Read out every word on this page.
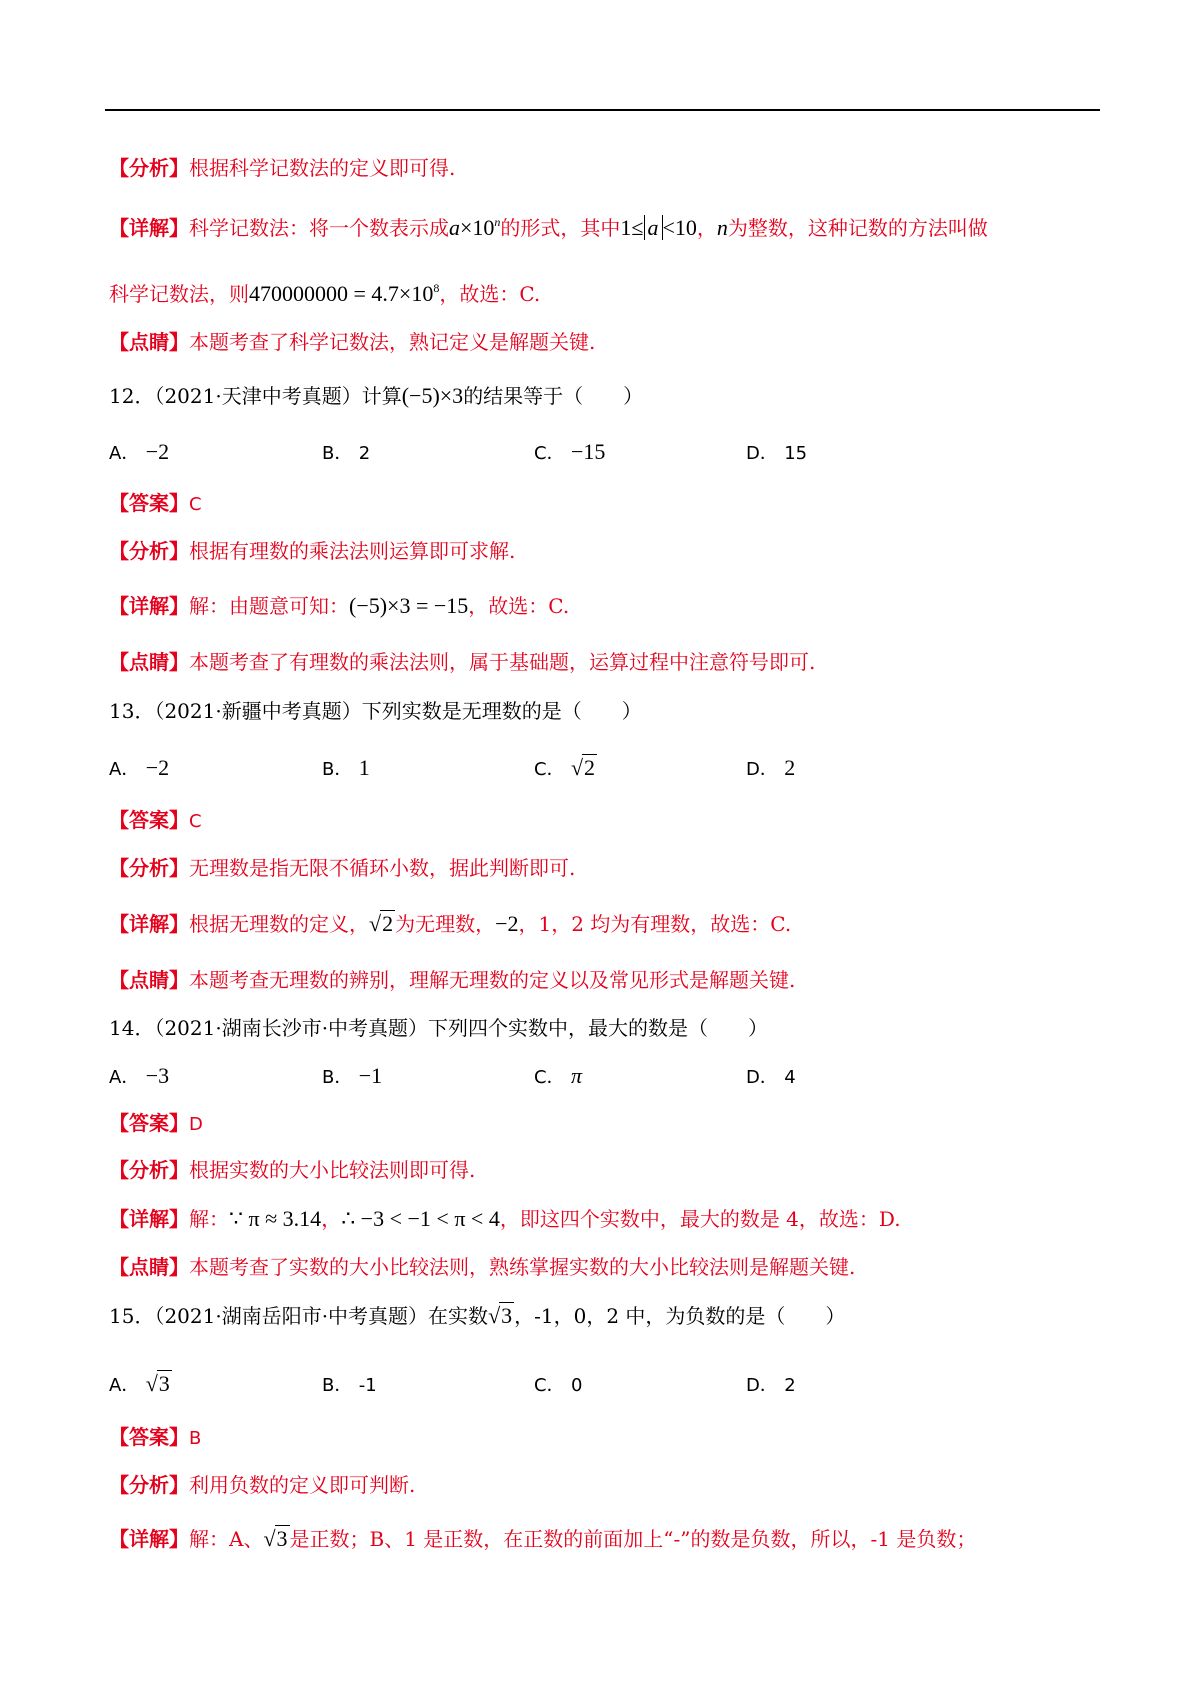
【分析】根据科学记数法的定义即可得.
【详解】科学记数法：将一个数表示成$a\times 10^n$的形式，其中1≤ a <10，n为整数，这种记数的方法叫做
科学记数法，则$470000000 = 4.7\times 10^8$，故选：C.
【点睛】本题考查了科学记数法，熟记定义是解题关键.
12．（2021·天津中考真题）计算(−5)×3的结果等于（　　）
A． −2	B． 2	C． −15	D． 15
【答案】C
【分析】根据有理数的乘法法则运算即可求解.
【详解】解：由题意可知：(−5)×3 = −15，故选：C.
【点睛】本题考查了有理数的乘法法则，属于基础题，运算过程中注意符号即可.
13．（2021·新疆中考真题）下列实数是无理数的是（　　）
A． −2	B． 1	C． √2	D． 2
【答案】C
【分析】无理数是指无限不循环小数，据此判断即可.
【详解】根据无理数的定义，√2 为无理数，−2，1，2 均为有理数，故选：C.
【点睛】本题考查无理数的辨别，理解无理数的定义以及常见形式是解题关键.
14．（2021·湖南长沙市·中考真题）下列四个实数中，最大的数是（　　）
A． −3	B． −1	C． π	D． 4
【答案】D
【分析】根据实数的大小比较法则即可得.
【详解】解：∵ π ≈ 3.14，∴ −3 < −1 < π < 4，即这四个实数中，最大的数是 4，故选：D.
【点睛】本题考查了实数的大小比较法则，熟练掌握实数的大小比较法则是解题关键.
15．（2021·湖南岳阳市·中考真题）在实数√3 ，-1，0，2 中，为负数的是（　　）
A． √3	B． -1	C． 0	D． 2
【答案】B
【分析】利用负数的定义即可判断.
【详解】解：A、√3 是正数；B、1 是正数，在正数的前面加上“-”的数是负数，所以，-1 是负数；
